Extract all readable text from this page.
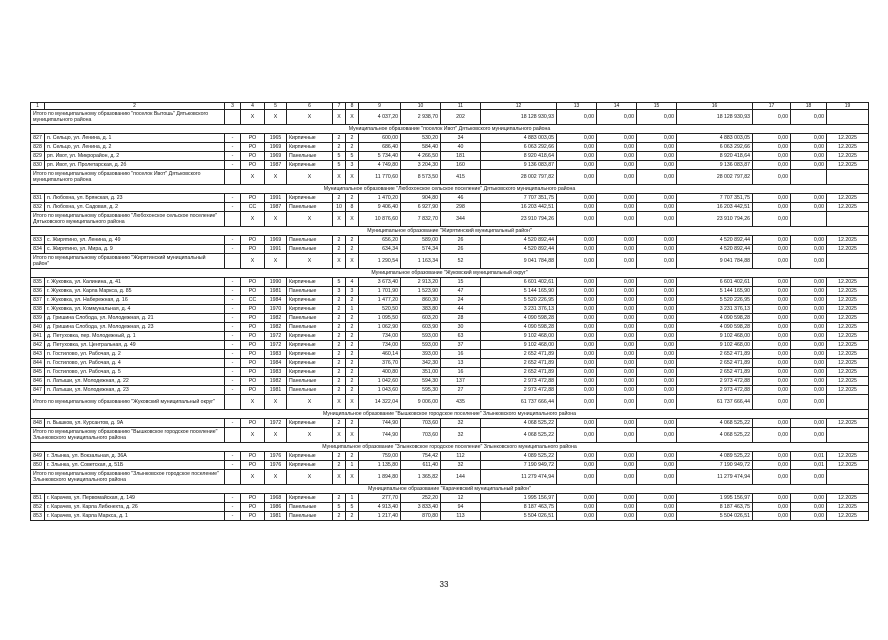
1	2	3	4	5	6	7	8	9	10	11	12	13	14	15	16	17	18	19
Итого по муниципальному образованию "поселок Вытошь" Дятьковского муниципального района			X	X	X	X	X	4 037,20	2 938,70	202	18 128 930,93	0,00	0,00	0,00	18 128 930,93	0,00	0,00	
Муниципальное образование "поселок Ивот" Дятьковского муниципального района																		
827	п. Сельцо, ул. Ленина, д. 1	-	РО	1965	Кирпичные	2	2	600,00	530,20	34	4 883 003,05	0,00	0,00	0,00	4 883 003,05	0,00	0,00	12.2025
828	п. Сельцо, ул. Ленина, д. 2	-	РО	1969	Кирпичные	2	2	686,40	584,40	40	6 063 292,66	0,00	0,00	0,00	6 063 292,66	0,00	0,00	12.2025
829	рп. Ивот, ул. Микрорайон, д. 2	-	РО	1969	Панельные	5	5	5 734,40	4 266,50	181	8 920 418,64	0,00	0,00	0,00	8 920 418,64	0,00	0,00	12.2025
830	рп. Ивот, ул. Пролетарская, д. 2б	-	РО	1987	Кирпичные	5	3	4 749,80	3 204,30	160	9 136 083,87	0,00	0,00	0,00	9 136 083,87	0,00	0,00	12.2025
Итого по муниципальному образованию "поселок Ивот" Дятьковского муниципального района			X	X	X	X	X	11 770,60	8 573,50	415	28 002 797,82	0,00	0,00	0,00	28 002 797,82	0,00		
Муниципальное образование "Любохонское сельское поселение" Дятьковского муниципального района																		
831	п. Любохна, ул. Брянская, д. 23	-	РО	1991	Кирпичные	2	2	1 470,20	904,80	46	7 707 351,75	0,00	0,00	0,00	7 707 351,75	0,00	0,00	12.2025
832	п. Любохна, ул. Садовая, д. 2	-	СС	1987	Панельные	10	8	9 406,40	6 927,90	298	16 203 442,51	0,00	0,00	0,00	16 203 442,51	0,00	0,00	12.2025
Итого по муниципальному образованию "Любохонское сельское поселение" Дятьковского муниципального района			X	X	X	X	X	10 876,60	7 832,70	344	23 910 794,26	0,00	0,00	0,00	23 910 794,26	0,00		
Муниципальное образование "Жирятинский муниципальный район"																		
833	с. Жирятино, ул. Ленина, д. 49	-	РО	1969	Панельные	2	2	656,20	589,00	26	4 520 892,44	0,00	0,00	0,00	4 520 892,44	0,00	0,00	12.2025
834	с. Жирятино, ул. Мира, д. 9	-	РО	1991	Панельные	2	2	634,34	574,34	26	4 520 892,44	0,00	0,00	0,00	4 520 892,44	0,00	0,00	12.2025
Итого по муниципальному образованию "Жирятинский муниципальный район"			X	X	X	X	X	1 290,54	1 163,34	52	9 041 784,88	0,00	0,00	0,00	9 041 784,88	0,00	0,00	
Муниципальное образование "Жуковский муниципальный округ"																		
835	г. Жуковка, ул. Калинина, д. 41	-	РО	1990	Кирпичные	5	4	3 673,40	2 913,20	15	6 601 402,61	0,00	0,00	0,00	6 601 402,61	0,00	0,00	12.2025
836	г. Жуковка, ул. Карла Маркса, д. 85	-	РО	1981	Панельные	3	3	1 701,90	1 523,90	47	5 144 165,90	0,00	0,00	0,00	5 144 165,90	0,00	0,00	12.2025
837	г. Жуковка, ул. Набережная, д. 16	-	СС	1984	Кирпичные	2	2	1 477,20	860,30	24	5 520 226,95	0,00	0,00	0,00	5 520 226,95	0,00	0,00	12.2025
838	г. Жуковка, ул. Коммунальная, д. 4	-	РО	1970	Кирпичные	2	1	520,50	383,80	44	3 231 376,13	0,00	0,00	0,00	3 231 376,13	0,00	0,00	12.2025
839	д. Гришина Слобода, ул. Молодежная, д. 21	-	РО	1982	Панельные	2	2	1 095,50	603,20	28	4 090 598,28	0,00	0,00	0,00	4 090 598,28	0,00	0,00	12.2025
840	д. Гришина Слобода, ул. Молодежная, д. 23	-	РО	1982	Панельные	2	2	1 062,90	603,90	30	4 090 598,28	0,00	0,00	0,00	4 090 598,28	0,00	0,00	12.2025
841	д. Петуховка, пер. Молодежный, д. 1	-	РО	1972	Кирпичные	2	2	734,00	593,00	63	9 102 468,00	0,00	0,00	0,00	9 102 468,00	0,00	0,00	12.2025
842	д. Петуховка, ул. Центральная, д. 49	-	РО	1972	Кирпичные	2	2	734,00	593,00	37	9 102 468,00	0,00	0,00	0,00	9 102 468,00	0,00	0,00	12.2025
843	п. Гостилово, ул. Рабочая, д. 2	-	РО	1983	Кирпичные	2	2	460,14	393,00	16	2 652 471,89	0,00	0,00	0,00	2 652 471,89	0,00	0,00	12.2025
844	п. Гостилово, ул. Рабочая, д. 4	-	РО	1984	Кирпичные	2	2	376,70	342,30	13	2 652 471,89	0,00	0,00	0,00	2 652 471,89	0,00	0,00	12.2025
845	п. Гостилово, ул. Рабочая, д. 5	-	РО	1983	Кирпичные	2	2	400,80	351,00	16	2 652 471,89	0,00	0,00	0,00	2 652 471,89	0,00	0,00	12.2025
846	п. Латыши, ул. Молодежная, д. 22	-	РО	1982	Панельные	2	2	1 042,60	594,30	137	2 973 472,88	0,00	0,00	0,00	2 973 472,88	0,00	0,00	12.2025
847	п. Латыши, ул. Молодежная, д. 23	-	РО	1981	Панельные	2	2	1 043,60	595,30	27	2 973 472,88	0,00	0,00	0,00	2 973 472,88	0,00	0,00	12.2025
Итого по муниципальному образованию "Жуковский муниципальный округ"			X	X	X	X	X	14 322,04	9 006,00	435	61 737 666,44	0,00	0,00	0,00	61 737 666,44	0,00	0,00	
Муниципальное образование "Вышковское городское поселение" Злынковского муниципального района																		
848	п. Вышков, ул. Курсантов, д. 9А	-	РО	1972	Кирпичные	2	2	744,90	703,60	32	4 068 525,22	0,00	0,00	0,00	4 068 525,22	0,00	0,00	12.2025
Итого по муниципальному образованию "Вышковское городское поселение" Злынковского муниципального района			X	X	X	X	X	744,90	703,60	32	4 068 525,22	0,00	0,00	0,00	4 068 525,22	0,00	0,00	
Муниципальное образование "Злынковское городское поселение" Злынковского муниципального района																		
849	г. Злынка, ул. Вокзальная, д. 36А	-	РО	1976	Кирпичные	2	2	759,00	754,42	112	4 089 525,22	0,00	0,00	0,00	4 089 525,22	0,00	0,01	12.2025
850	г. Злынка, ул. Советская, д. 51Б	-	РО	1976	Кирпичные	2	1	1 135,80	611,40	32	7 190 949,72	0,00	0,00	0,00	7 190 949,72	0,00	0,01	12.2025
Итого по муниципальному образованию "Злынковское городское поселение" Злынковского муниципального района			X	X	X	X	X	1 894,80	1 365,82	144	11 279 474,94	0,00	0,00	0,00	11 279 474,94	0,00	0,00	
Муниципальное образование "Карачевский муниципальный район"																		
851	г. Карачев, ул. Первомайская, д. 149	-	РО	1968	Кирпичные	2	1	277,70	252,20	12	1 995 156,97	0,00	0,00	0,00	1 995 156,97	0,00	0,00	12.2025
852	г. Карачев, ул. Карла Либкнехта, д. 26	-	РО	1986	Панельные	5	5	4 913,40	3 833,40	94	8 187 463,75	0,00	0,00	0,00	8 187 463,75	0,00	0,00	12.2025
853	г. Карачев, ул. Карла Маркса, д. 1	-	РО	1981	Панельные	2	2	1 217,40	870,80	113	5 504 026,51	0,00	0,00	0,00	5 504 026,51	0,00	0,00	12.2025
33
